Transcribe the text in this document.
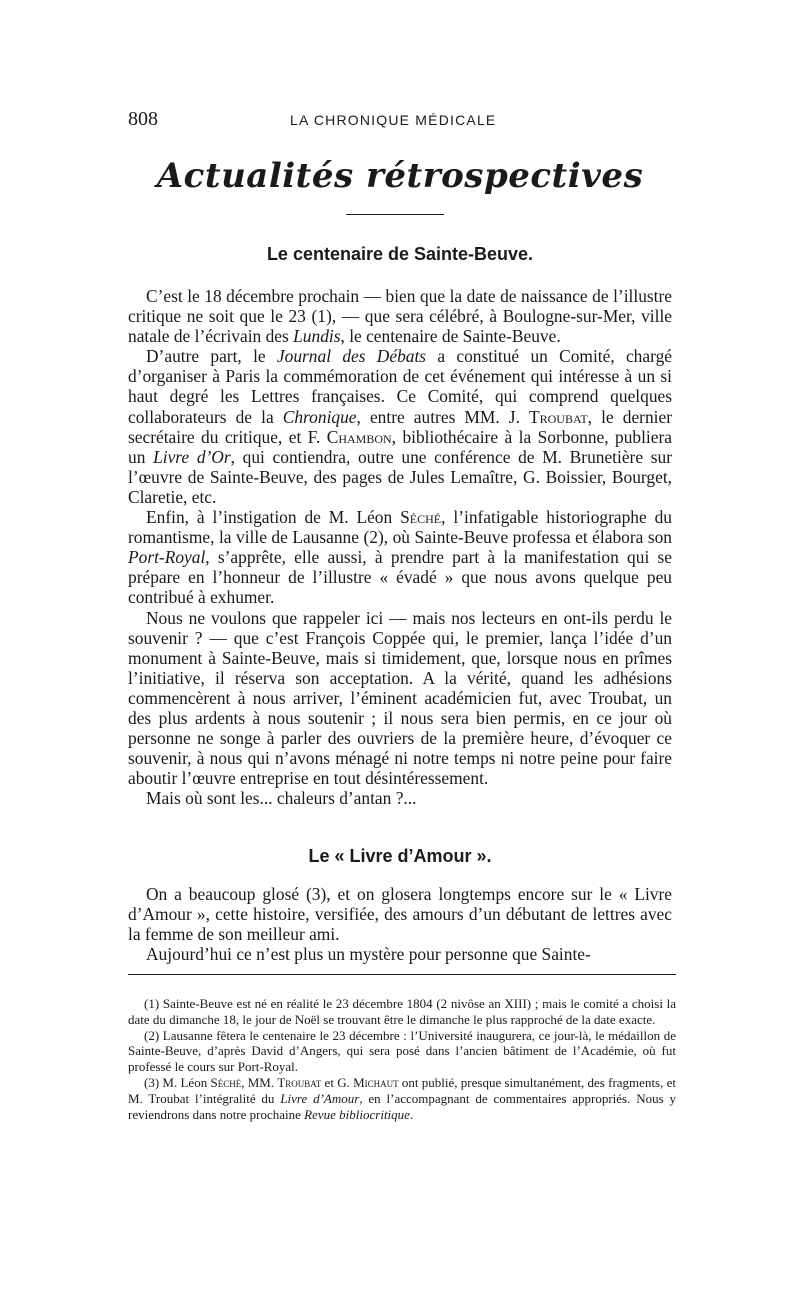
808	LA CHRONIQUE MÉDICALE
Actualités rétrospectives
Le centenaire de Sainte-Beuve.

C’est le 18 décembre prochain — bien que la date de naissance de l’illustre critique ne soit que le 23 (1), — que sera célébré, à Boulogne-sur-Mer, ville natale de l’écrivain des Lundis, le centenaire de Sainte-Beuve.

D’autre part, le Journal des Débats a constitué un Comité, chargé d’organiser à Paris la commémoration de cet événement qui intéresse à un si haut degré les Lettres françaises. Ce Comité, qui comprend quelques collaborateurs de la Chronique, entre autres MM. J. Troubat, le dernier secrétaire du critique, et F. Chambon, bibliothécaire à la Sorbonne, publiera un Livre d’Or, qui contiendra, outre une conférence de M. Brunetière sur l’œuvre de Sainte-Beuve, des pages de Jules Lemaître, G. Boissier, Bourget, Claretie, etc.

Enfin, à l’instigation de M. Léon Séché, l’infatigable historiographe du romantisme, la ville de Lausanne (2), où Sainte-Beuve professa et élabora son Port-Royal, s’apprête, elle aussi, à prendre part à la manifestation qui se prépare en l’honneur de l’illustre « évadé » que nous avons quelque peu contribué à exhumer.

Nous ne voulons que rappeler ici — mais nos lecteurs en ont-ils perdu le souvenir ? — que c’est François Coppée qui, le premier, lança l’idée d’un monument à Sainte-Beuve, mais si timidement, que, lorsque nous en prîmes l’initiative, il réserva son acceptation. A la vérité, quand les adhésions commencèrent à nous arriver, l’éminent académicien fut, avec Troubat, un des plus ardents à nous soutenir ; il nous sera bien permis, en ce jour où personne ne songe à parler des ouvriers de la première heure, d’évoquer ce souvenir, à nous qui n’avons ménagé ni notre temps ni notre peine pour faire aboutir l’œuvre entreprise en tout désintéressement.

Mais où sont les... chaleurs d’antan ?...

Le « Livre d’Amour ».

On a beaucoup glosé (3), et on glosera longtemps encore sur le « Livre d’Amour », cette histoire, versifiée, des amours d’un débutant de lettres avec la femme de son meilleur ami.

Aujourd’hui ce n’est plus un mystère pour personne que Sainte-

(1) Sainte-Beuve est né en réalité le 23 décembre 1804 (2 nivôse an XIII) ; mais le comité a choisi la date du dimanche 18, le jour de Noël se trouvant être le dimanche le plus rapproché de la date exacte.

(2) Lausanne fêtera le centenaire le 23 décembre : l’Université inaugurera, ce jour-là, le médaillon de Sainte-Beuve, d’après David d’Angers, qui sera posé dans l’ancien bâtiment de l’Académie, où fut professé le cours sur Port-Royal.

(3) M. Léon Séché, MM. Troubat et G. Michaut ont publié, presque simultanément, des fragments, et M. Troubat l’intégralité du Livre d’Amour, en l’accompagnant de commentaires appropriés. Nous y reviendrons dans notre prochaine Revue bibliocritique.
